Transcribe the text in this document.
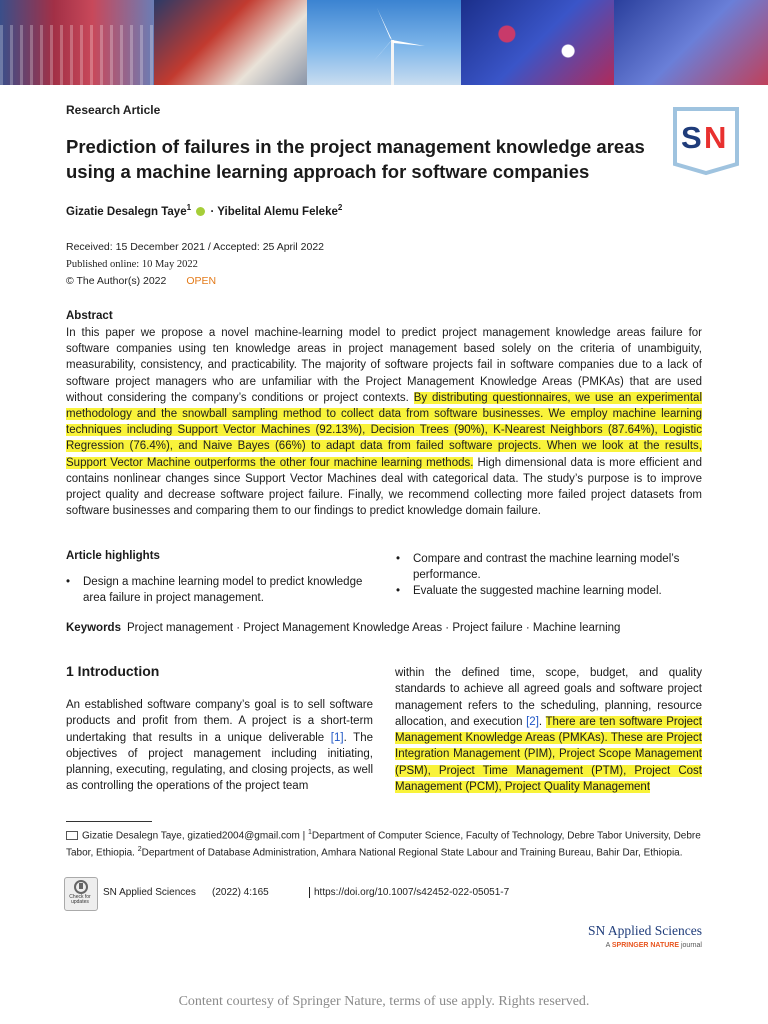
S N
Research Article
Prediction of failures in the project management knowledge areas using a machine learning approach for software companies
Gizatie Desalegn Taye$^1$  · Yibelital Alemu Feleke$^2$
Received: 15 December 2021 / Accepted: 25 April 2022
Published online: 10 May 2022
© The Author(s) 2022 OPEN
Abstract
In this paper we propose a novel machine-learning model to predict project management knowledge areas failure for software companies using ten knowledge areas in project management based solely on the criteria of unambiguity, measurability, consistency, and practicability. The majority of software projects fail in software companies due to a lack of software project managers who are unfamiliar with the Project Management Knowledge Areas (PMKAs) that are used without considering the company’s conditions or project contexts. By distributing questionnaires, we use an experimental methodology and the snowball sampling method to collect data from software businesses. We employ machine learning techniques including Support Vector Machines (92.13%), Decision Trees (90%), K-Nearest Neighbors (87.64%), Logistic Regression (76.4%), and Naive Bayes (66%) to adapt data from failed software projects. When we look at the results, Support Vector Machine outperforms the other four machine learning methods. High dimensional data is more efficient and contains nonlinear changes since Support Vector Machines deal with categorical data. The study’s purpose is to improve project quality and decrease software project failure. Finally, we recommend collecting more failed project datasets from software businesses and comparing them to our findings to predict knowledge domain failure.
Article highlights
• Design a machine learning model to predict knowledge area failure in project management.
• Compare and contrast the machine learning model’s performance.
• Evaluate the suggested machine learning model.
Keywords Project management · Project Management Knowledge Areas · Project failure · Machine learning
1 Introduction
An established software company’s goal is to sell software products and profit from them. A project is a short-term undertaking that results in a unique deliverable [1]. The objectives of project management including initiating, planning, executing, regulating, and closing projects, as well as controlling the operations of the project team
within the defined time, scope, budget, and quality standards to achieve all agreed goals and software project management refers to the scheduling, planning, resource allocation, and execution [2]. There are ten software Project Management Knowledge Areas (PMKAs). These are Project Integration Management (PIM), Project Scope Management (PSM), Project Time Management (PTM), Project Cost Management (PCM), Project Quality Management
Gizatie Desalegn Taye, gizatied2004@gmail.com | $^1$Department of Computer Science, Faculty of Technology, Debre Tabor University, Debre Tabor, Ethiopia. $^2$Department of Database Administration, Amhara National Regional State Labour and Training Bureau, Bahir Dar, Ethiopia.
Check for updates
SN Applied Sciences (2022) 4:165	https://doi.org/10.1007/s42452-022-05051-7
SN Applied Sciences
A SPRINGER NATURE journal
Content courtesy of Springer Nature, terms of use apply. Rights reserved.
